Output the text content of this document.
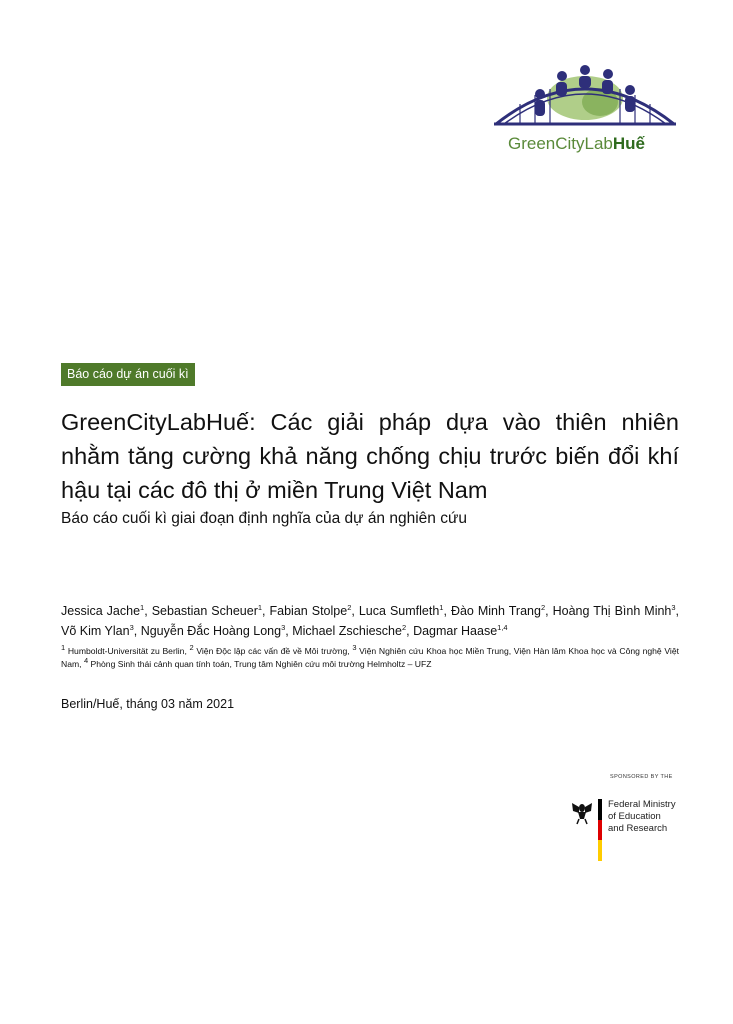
GreenCityLabHuế
Báo cáo dự án cuối kì
GreenCityLabHuế: Các giải pháp dựa vào thiên nhiên nhằm tăng cường khả năng chống chịu trước biến đổi khí hậu tại các đô thị ở miền Trung Việt Nam
Báo cáo cuối kì giai đoạn định nghĩa của dự án nghiên cứu
Jessica Jache$^1$, Sebastian Scheuer$^1$, Fabian Stolpe$^2$, Luca Sumfleth$^1$, Đào Minh Trang$^2$, Hoàng Thị Bình Minh$^3$, Võ Kim Ylan$^3$, Nguyễn Đắc Hoàng Long$^3$, Michael Zschiesche$^2$, Dagmar Haase$^{1,4}$
$^1$ Humboldt-Universität zu Berlin, $^2$ Viện Độc lập các vấn đề về Môi trường, $^3$ Viện Nghiên cứu Khoa học Miền Trung, Viện Hàn lâm Khoa học và Công nghệ Việt Nam, $^4$ Phòng Sinh thái cảnh quan tính toán, Trung tâm Nghiên cứu môi trường Helmholtz – UFZ
Berlin/Huế, tháng 03 năm 2021
SPONSORED BY THE
Federal Ministry
of Education
and Research
